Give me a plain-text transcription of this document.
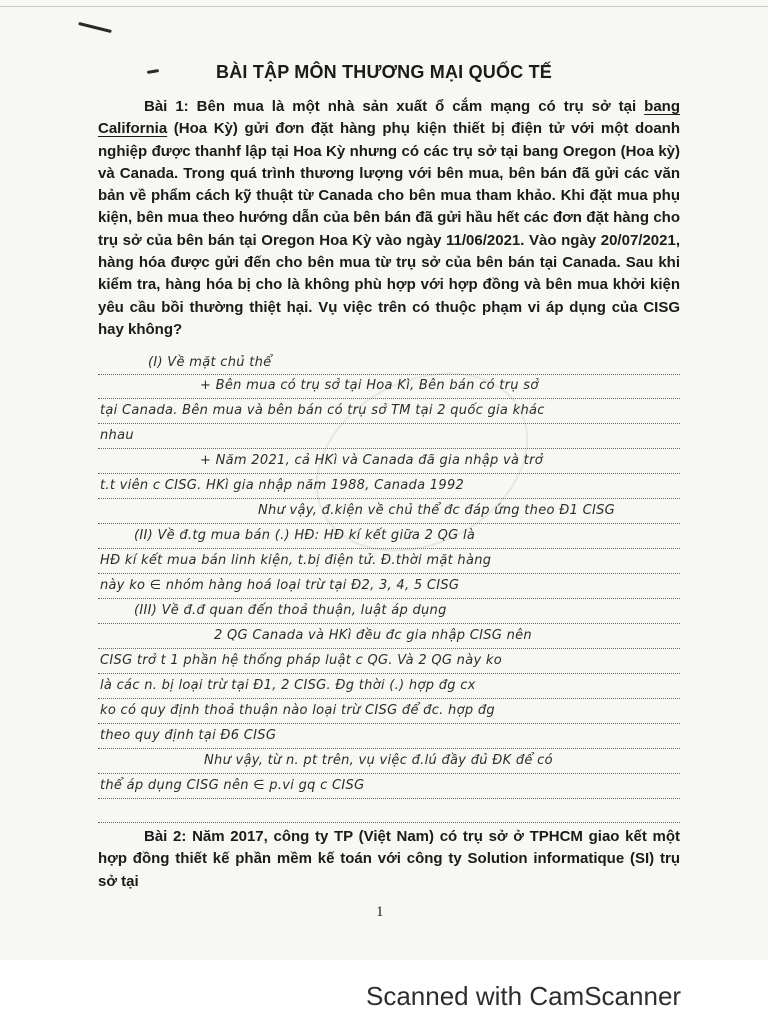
BÀI TẬP MÔN THƯƠNG MẠI QUỐC TẾ
Bài 1: Bên mua là một nhà sản xuất ổ cắm mạng có trụ sở tại bang California (Hoa Kỳ) gửi đơn đặt hàng phụ kiện thiết bị điện tử với một doanh nghiệp được thanhf lập tại Hoa Kỳ nhưng có các trụ sở tại bang Oregon (Hoa kỳ) và Canada. Trong quá trình thương lượng với bên mua, bên bán đã gửi các văn bản về phẩm cách kỹ thuật từ Canada cho bên mua tham khảo. Khi đặt mua phụ kiện, bên mua theo hướng dẫn của bên bán đã gửi hầu hết các đơn đặt hàng cho trụ sở của bên bán tại Oregon Hoa Kỳ vào ngày 11/06/2021. Vào ngày 20/07/2021, hàng hóa được gửi đến cho bên mua từ trụ sở của bên bán tại Canada. Sau khi kiểm tra, hàng hóa bị cho là không phù hợp với hợp đồng và bên mua khởi kiện yêu cầu bồi thường thiệt hại. Vụ việc trên có thuộc phạm vi áp dụng của CISG hay không?
(I) Về mặt chủ thể
+ Bên mua có trụ sở tại Hoa Kì, Bên bán có trụ sở
tại Canada. Bên mua và bên bán có trụ sở TM tại 2 quốc gia khác
nhau
+ Năm 2021, cả HKì và Canada đã gia nhập và trở
t.t viên c CISG. HKì gia nhập năm 1988, Canada 1992
Như vậy, đ.kiện về chủ thể đc đáp ứng theo Đ1 CISG
(II) Về đ.tg mua bán (.) HĐ: HĐ kí kết giữa 2 QG là
HĐ kí kết mua bán linh kiện, t.bị điện tử. Đ.thời mặt hàng
này ko ∈ nhóm hàng hoá loại trừ tại Đ2, 3, 4, 5 CISG
(III) Về đ.đ quan đến thoả thuận, luật áp dụng
2 QG Canada và HKì đều đc gia nhập CISG nên
CISG trở t 1 phần hệ thống pháp luật c QG. Và 2 QG này ko
là các n. bị loại trừ tại Đ1, 2 CISG. Đg thời (.) hợp đg cx
ko có quy định thoả thuận nào loại trừ CISG để đc. hợp đg
theo quy định tại Đ6 CISG
Như vậy, từ n. pt trên, vụ việc đ.lú đầy đủ ĐK để có
thể áp dụng CISG nên ∈ p.vi gq c CISG
Bài 2: Năm 2017, công ty TP (Việt Nam) có trụ sở ở TPHCM giao kết một hợp đồng thiết kế phần mềm kế toán với công ty Solution informatique (SI) trụ sở tại
1
Scanned with CamScanner
